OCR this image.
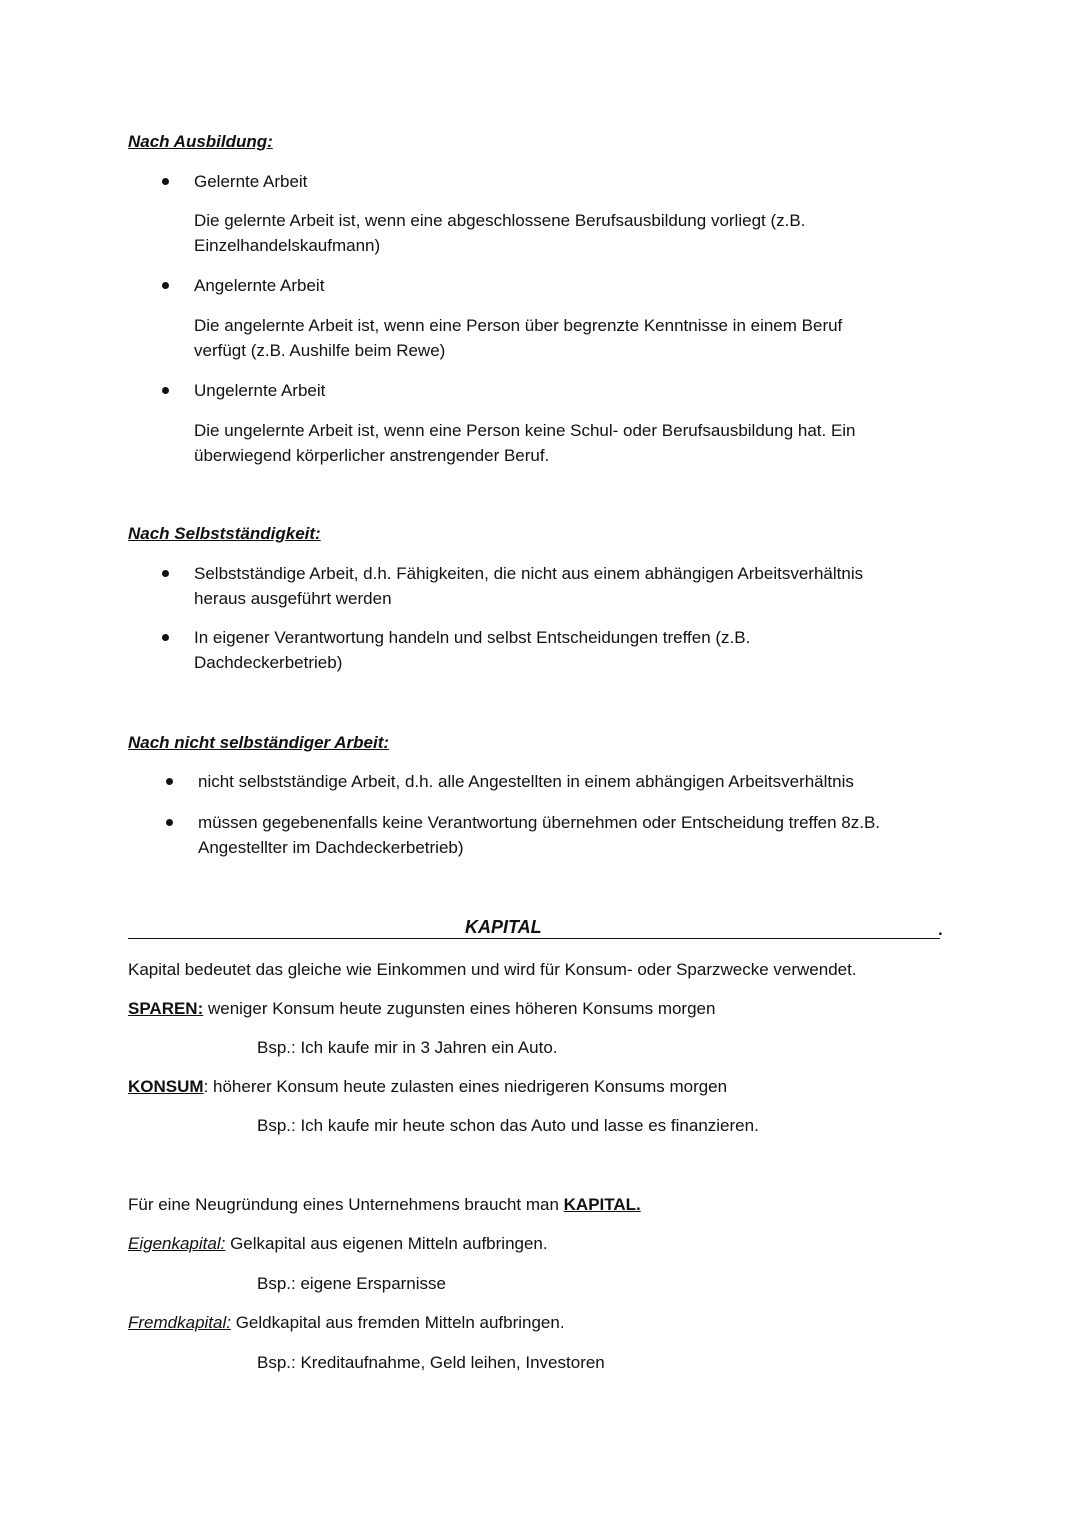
Nach Ausbildung:
Gelernte Arbeit
Die gelernte Arbeit ist, wenn eine abgeschlossene Berufsausbildung vorliegt (z.B.
Einzelhandelskaufmann)
Angelernte Arbeit
Die angelernte Arbeit ist, wenn eine Person über begrenzte Kenntnisse in einem Beruf
verfügt (z.B. Aushilfe beim Rewe)
Ungelernte Arbeit
Die ungelernte Arbeit ist, wenn eine Person keine Schul- oder Berufsausbildung hat. Ein
überwiegend körperlicher anstrengender Beruf.
Nach Selbstständigkeit:
Selbstständige Arbeit, d.h. Fähigkeiten, die nicht aus einem abhängigen Arbeitsverhältnis
heraus ausgeführt werden
In eigener Verantwortung handeln und selbst Entscheidungen treffen (z.B.
Dachdeckerbetrieb)
Nach nicht selbständiger Arbeit:
nicht selbstständige Arbeit, d.h. alle Angestellten in einem abhängigen Arbeitsverhältnis
müssen gegebenenfalls keine Verantwortung übernehmen oder Entscheidung treffen 8z.B.
Angestellter im Dachdeckerbetrieb)
KAPITAL	.
Kapital bedeutet das gleiche wie Einkommen und wird für Konsum- oder Sparzwecke verwendet.
SPAREN: weniger Konsum heute zugunsten eines höheren Konsums morgen
Bsp.: Ich kaufe mir in 3 Jahren ein Auto.
KONSUM: höherer Konsum heute zulasten eines niedrigeren Konsums morgen
Bsp.: Ich kaufe mir heute schon das Auto und lasse es finanzieren.
Für eine Neugründung eines Unternehmens braucht man KAPITAL.
Eigenkapital: Gelkapital aus eigenen Mitteln aufbringen.
Bsp.: eigene Ersparnisse
Fremdkapital: Geldkapital aus fremden Mitteln aufbringen.
Bsp.: Kreditaufnahme, Geld leihen, Investoren
